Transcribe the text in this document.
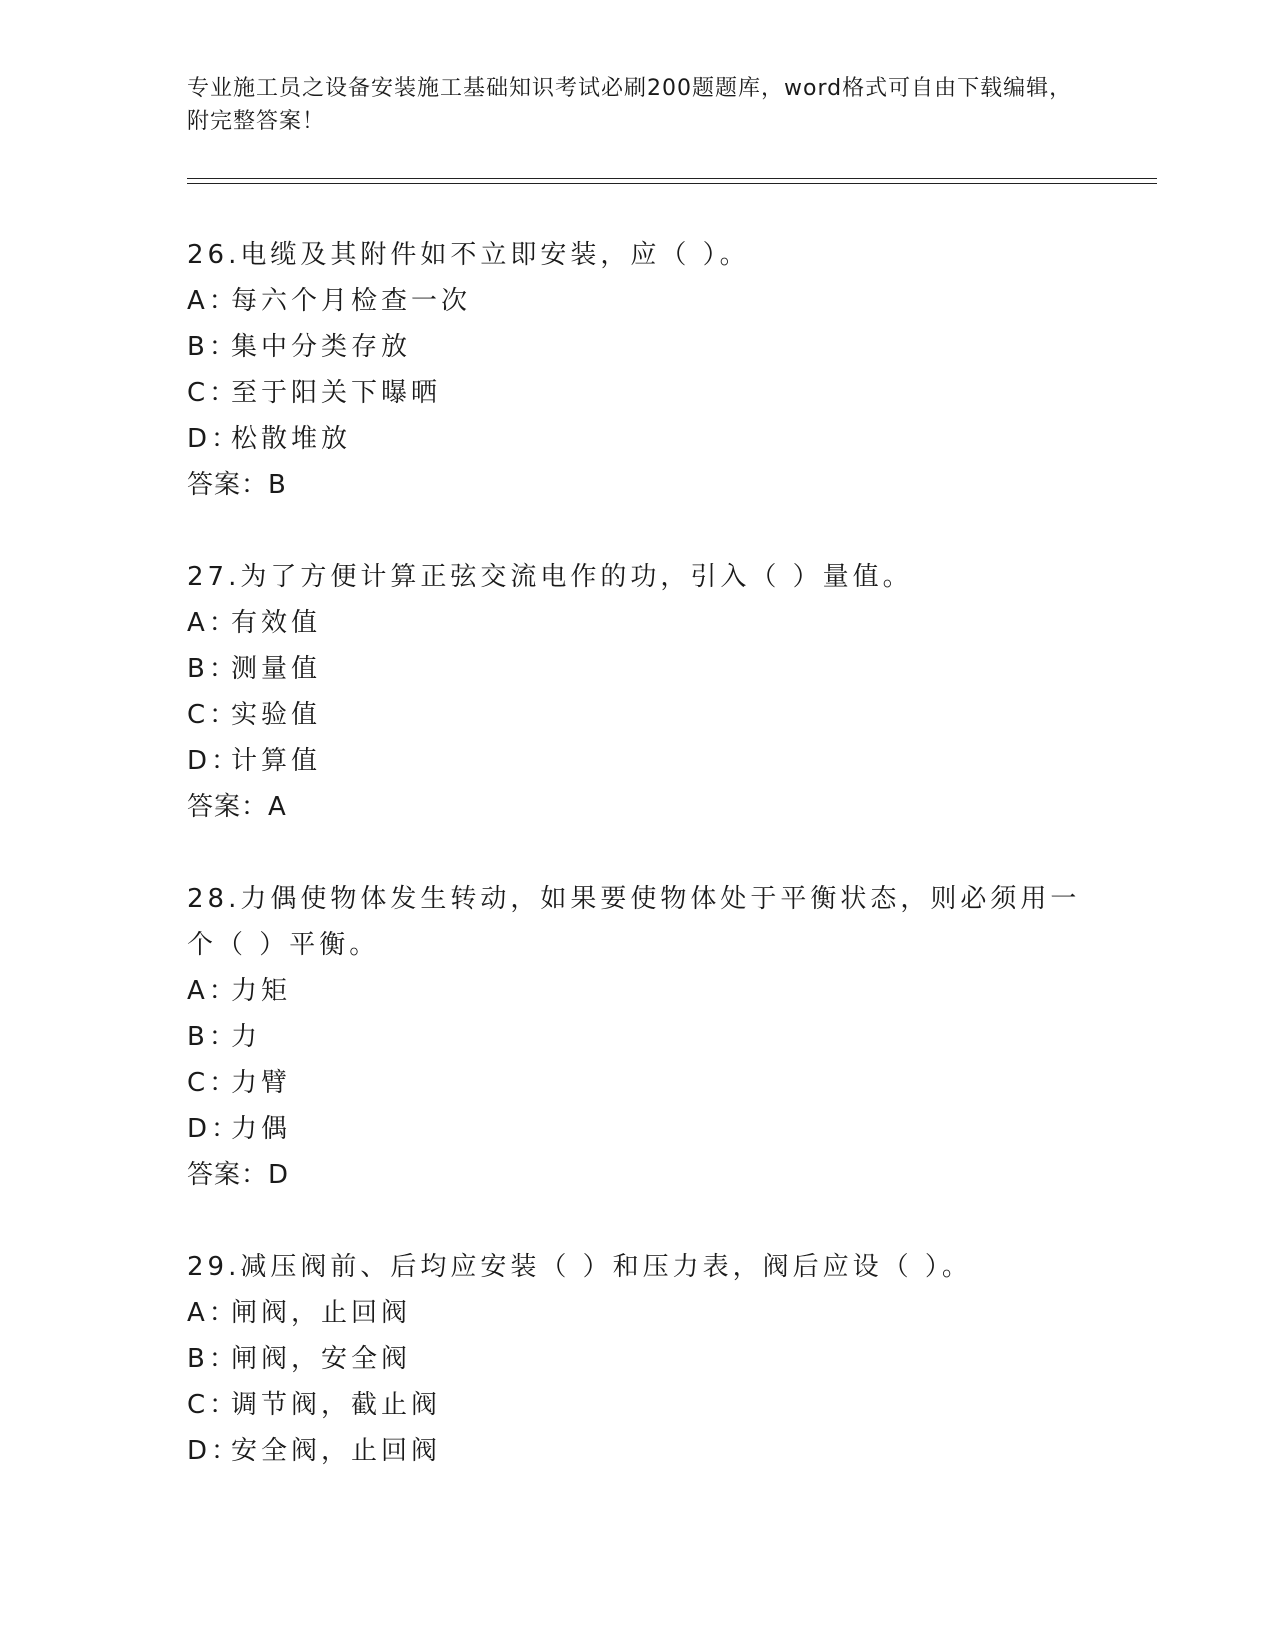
专业施工员之设备安装施工基础知识考试必刷200题题库，word格式可自由下载编辑，附完整答案！

26.电缆及其附件如不立即安装，应（ ）。

A：每六个月检查一次

B：集中分类存放

C：至于阳关下曝晒

D：松散堆放

答案：B

27.为了方便计算正弦交流电作的功，引入（ ）量值。

A：有效值

B：测量值

C：实验值

D：计算值

答案：A

28.力偶使物体发生转动，如果要使物体处于平衡状态，则必须用一个（ ）平衡。

A：力矩

B：力

C：力臂

D：力偶

答案：D

29.减压阀前、后均应安装（ ）和压力表，阀后应设（ ）。

A：闸阀，止回阀

B：闸阀，安全阀

C：调节阀，截止阀

D：安全阀，止回阀
